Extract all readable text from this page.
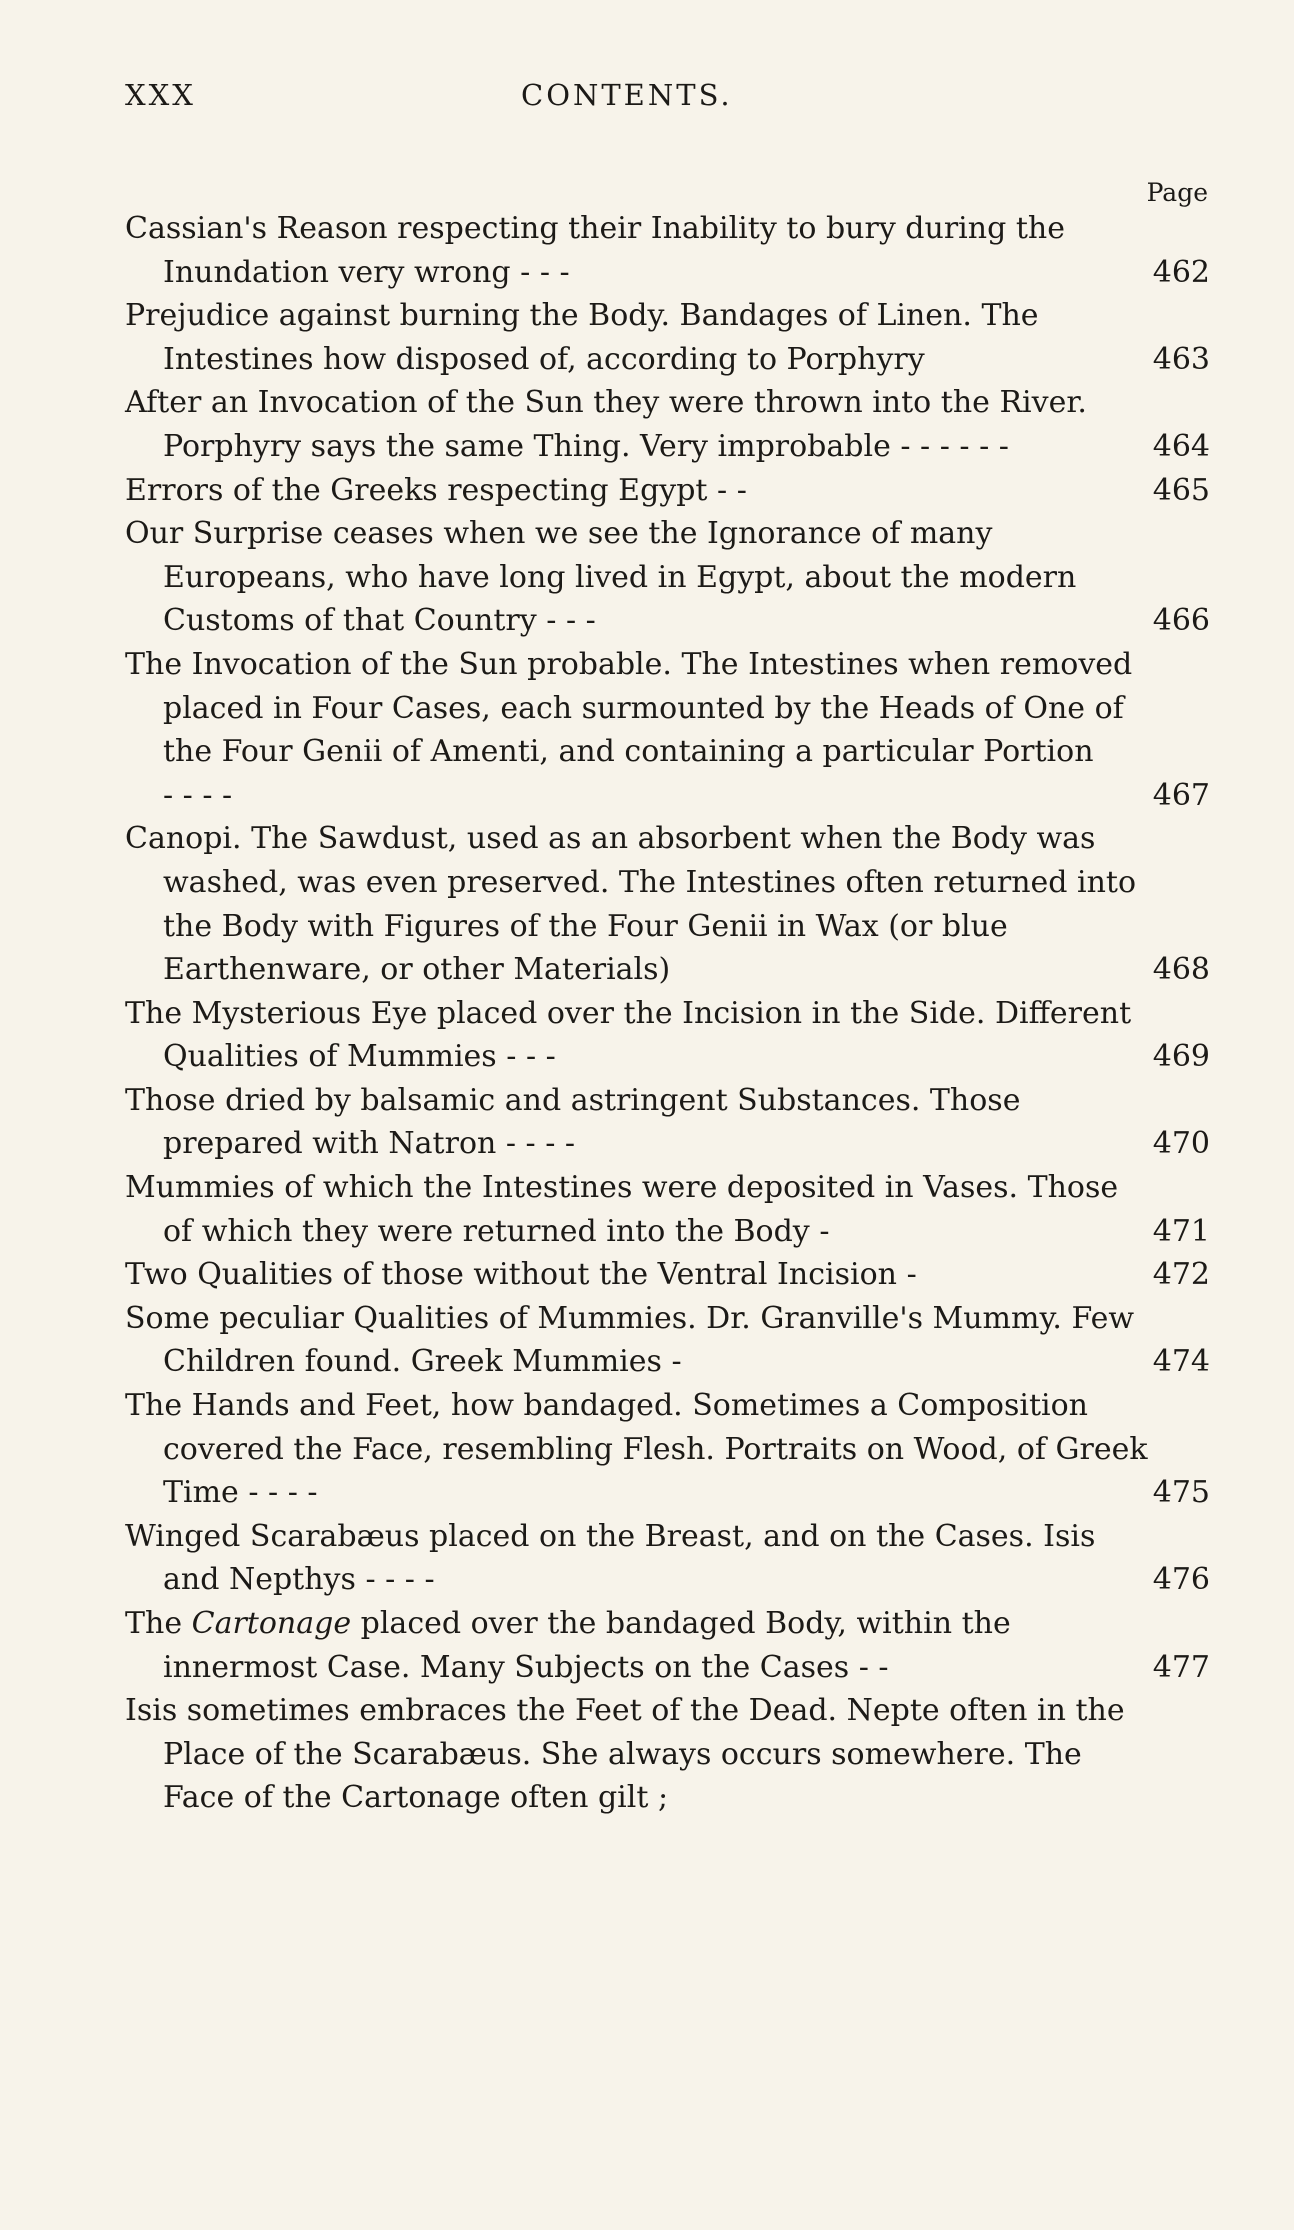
XXX	CONTENTS.
Page
Cassian's Reason respecting their Inability to bury during the Inundation very wrong - - -	462
Prejudice against burning the Body. Bandages of Linen. The Intestines how disposed of, according to Porphyry	463
After an Invocation of the Sun they were thrown into the River. Porphyry says the same Thing. Very improbable - - - - - -	464
Errors of the Greeks respecting Egypt - -	465
Our Surprise ceases when we see the Ignorance of many Europeans, who have long lived in Egypt, about the modern Customs of that Country - - -	466
The Invocation of the Sun probable. The Intestines when removed placed in Four Cases, each surmounted by the Heads of One of the Four Genii of Amenti, and containing a particular Portion - - - -	467
Canopi. The Sawdust, used as an absorbent when the Body was washed, was even preserved. The Intestines often returned into the Body with Figures of the Four Genii in Wax (or blue Earthenware, or other Materials)	468
The Mysterious Eye placed over the Incision in the Side. Different Qualities of Mummies - - -	469
Those dried by balsamic and astringent Substances. Those prepared with Natron - - - -	470
Mummies of which the Intestines were deposited in Vases. Those of which they were returned into the Body -	471
Two Qualities of those without the Ventral Incision -	472
Some peculiar Qualities of Mummies. Dr. Granville's Mummy. Few Children found. Greek Mummies -	474
The Hands and Feet, how bandaged. Sometimes a Composition covered the Face, resembling Flesh. Portraits on Wood, of Greek Time - - - -	475
Winged Scarabæus placed on the Breast, and on the Cases. Isis and Nepthys - - - -	476
The Cartonage placed over the bandaged Body, within the innermost Case. Many Subjects on the Cases - -	477
Isis sometimes embraces the Feet of the Dead. Nepte often in the Place of the Scarabæus. She always occurs somewhere. The Face of the Cartonage often gilt ;
